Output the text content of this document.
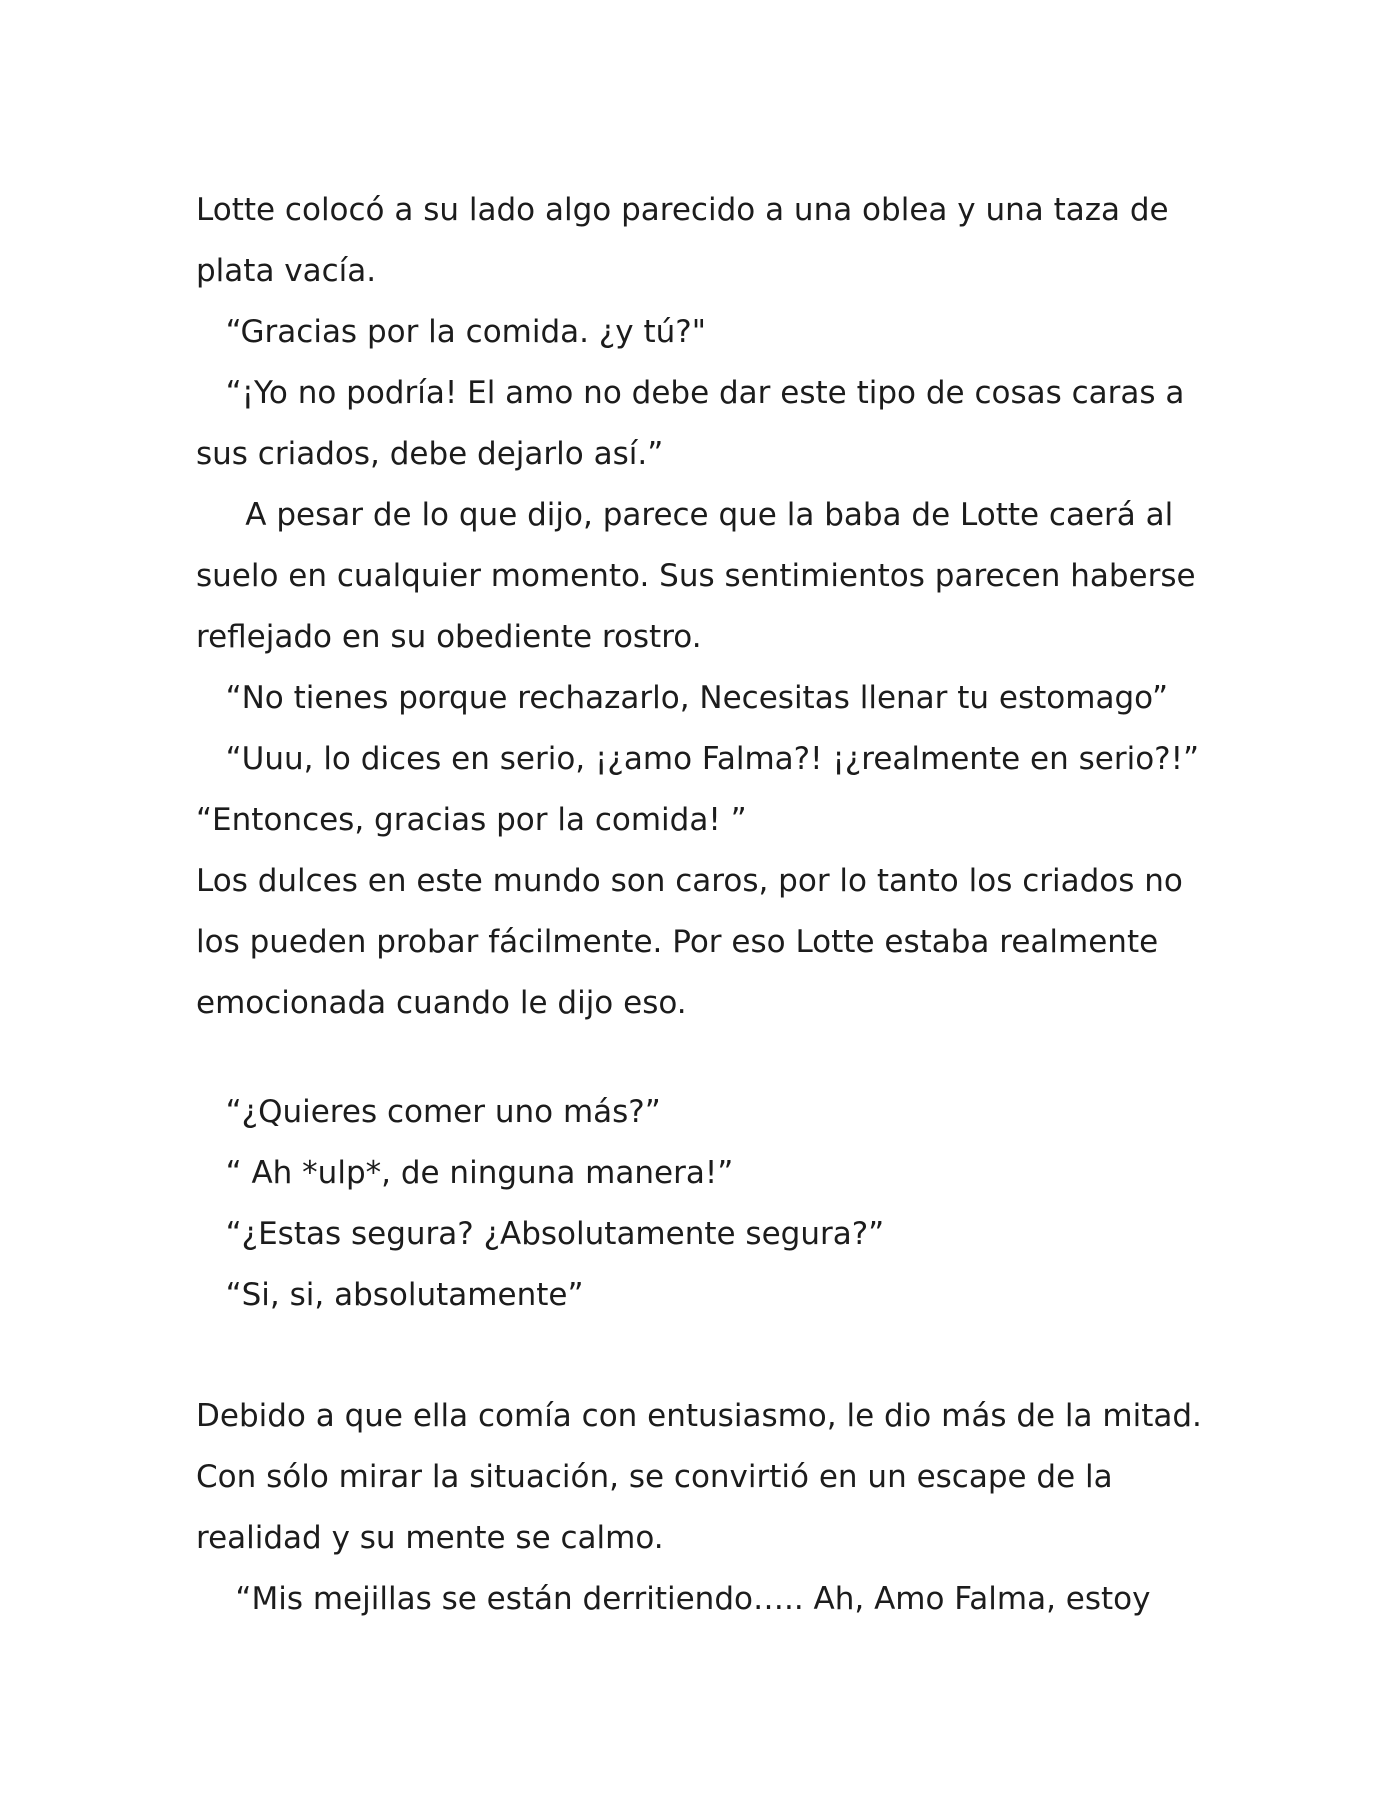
Lotte colocó a su lado algo parecido a una oblea y una taza de plata vacía.

“Gracias por la comida. ¿y tú?"

“¡Yo no podría! El amo no debe dar este tipo de cosas caras a sus criados, debe dejarlo así.”

A pesar de lo que dijo, parece que la baba de Lotte caerá al suelo en cualquier momento. Sus sentimientos parecen haberse reflejado en su obediente rostro.

“No tienes porque rechazarlo, Necesitas llenar tu estomago”

“Uuu, lo dices en serio, ¡¿amo Falma?! ¡¿realmente en serio?!”

“Entonces, gracias por la comida! ”

Los dulces en este mundo son caros, por lo tanto los criados no los pueden probar fácilmente. Por eso Lotte estaba realmente emocionada cuando le dijo eso.

“¿Quieres comer uno más?”

“ Ah *ulp*, de ninguna manera!”

“¿Estas segura? ¿Absolutamente segura?”

“Si, si, absolutamente”

Debido a que ella comía con entusiasmo, le dio más de la mitad. Con sólo mirar la situación, se convirtió en un escape de la realidad y su mente se calmo.

“Mis mejillas se están derritiendo….. Ah, Amo Falma, estoy
